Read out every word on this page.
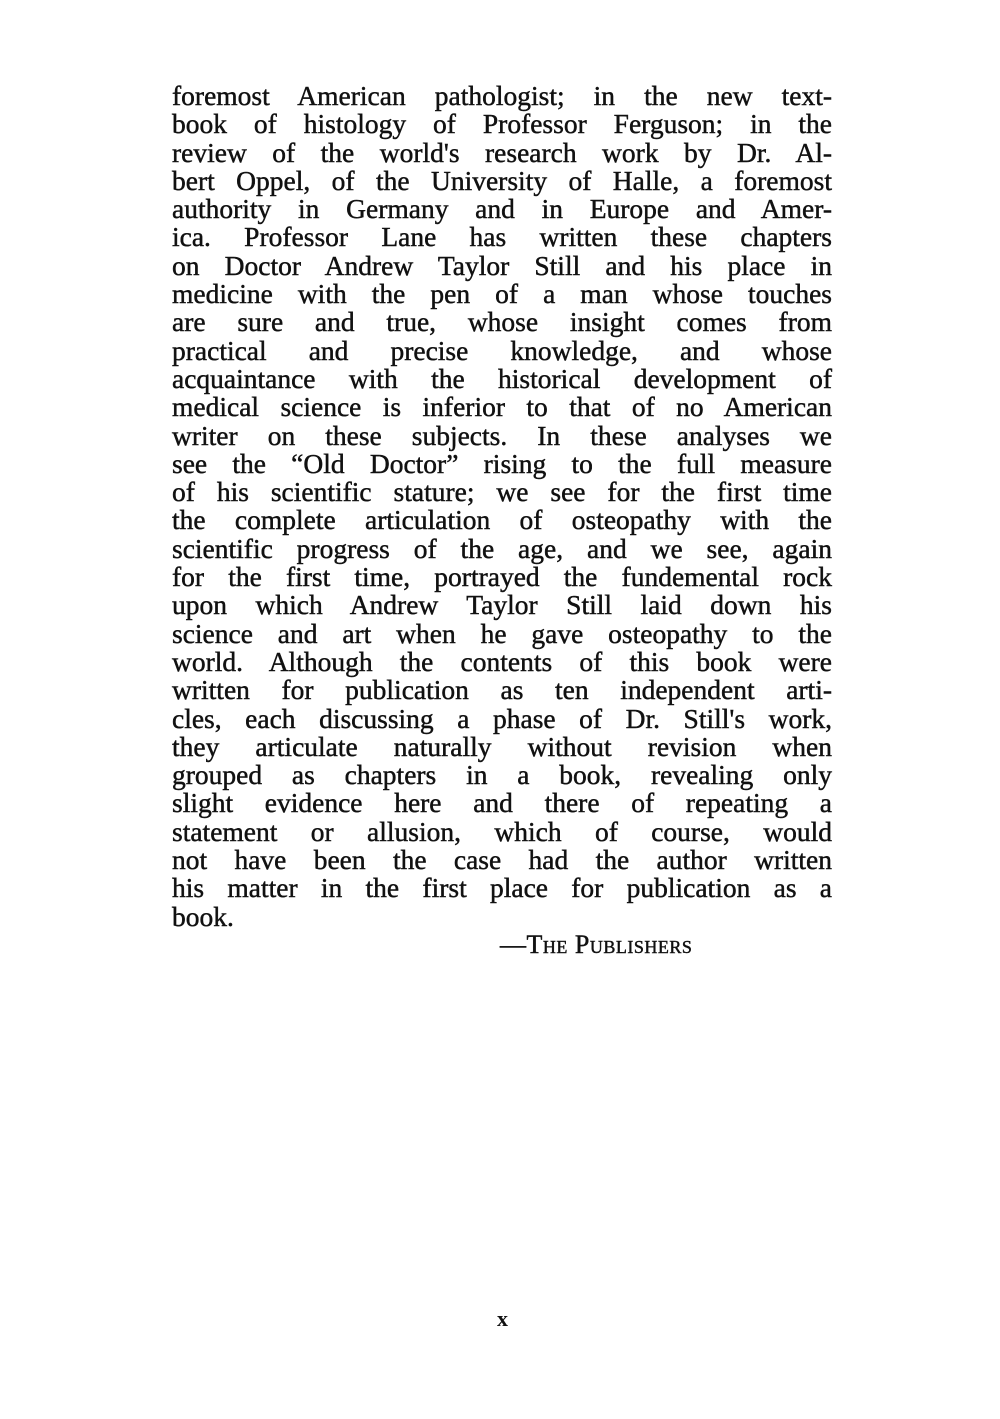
foremost American pathologist; in the new text-
book of histology of Professor Ferguson; in the
review of the world's research work by Dr. Al-
bert Oppel, of the University of Halle, a foremost
authority in Germany and in Europe and Amer-
ica. Professor Lane has written these chapters
on Doctor Andrew Taylor Still and his place in
medicine with the pen of a man whose touches
are sure and true, whose insight comes from
practical and precise knowledge, and whose
acquaintance with the historical development of
medical science is inferior to that of no American
writer on these subjects. In these analyses we
see the “Old Doctor” rising to the full measure
of his scientific stature; we see for the first time
the complete articulation of osteopathy with the
scientific progress of the age, and we see, again
for the first time, portrayed the fundemental rock
upon which Andrew Taylor Still laid down his
science and art when he gave osteopathy to the
world. Although the contents of this book were
written for publication as ten independent arti-
cles, each discussing a phase of Dr. Still's work,
they articulate naturally without revision when
grouped as chapters in a book, revealing only
slight evidence here and there of repeating a
statement or allusion, which of course, would
not have been the case had the author written
his matter in the first place for publication as a
book.
—The Publishers
x
